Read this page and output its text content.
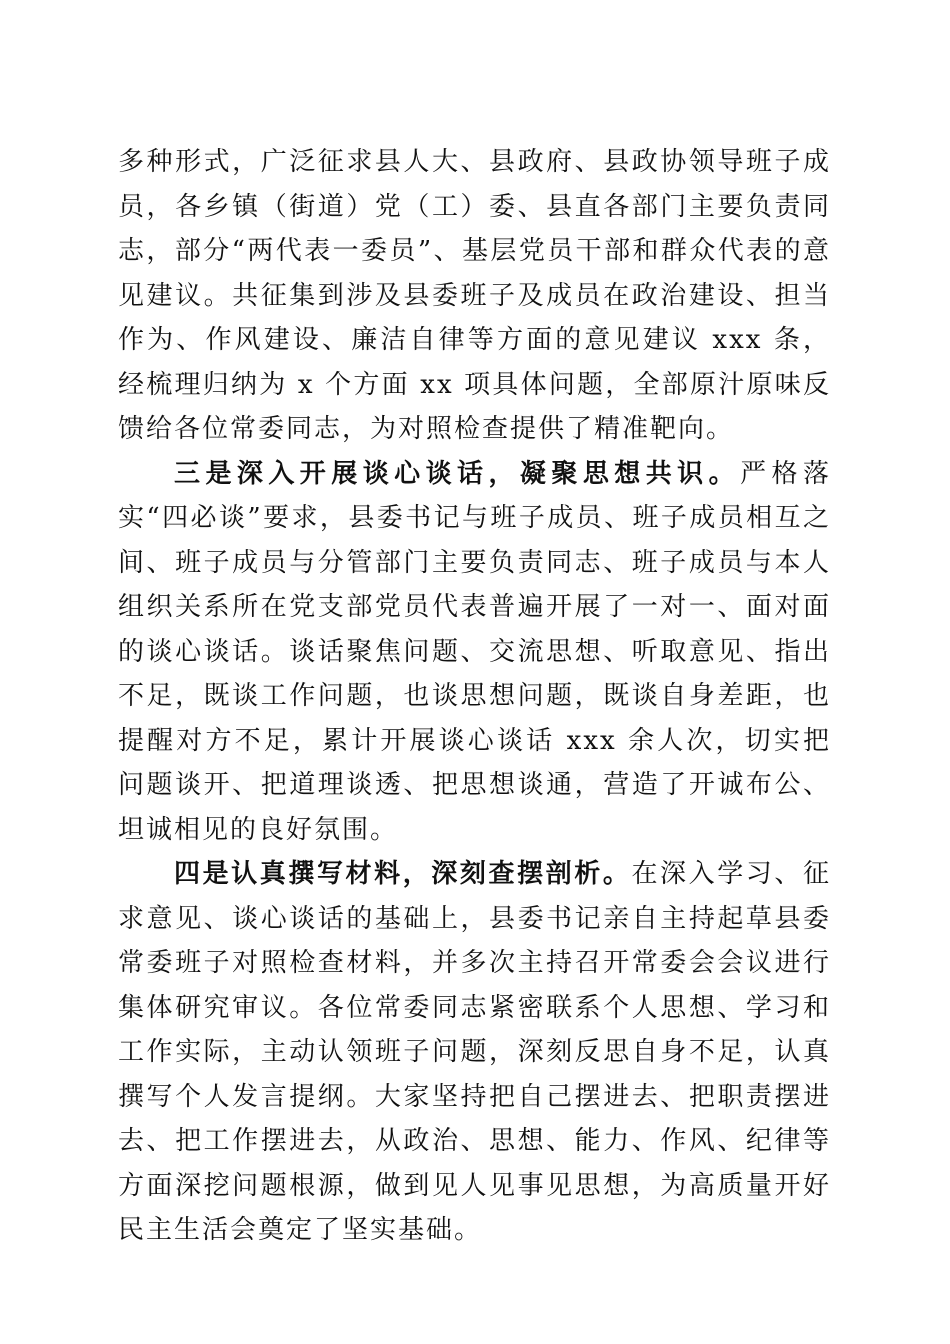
多种形式，广泛征求县人大、县政府、县政协领导班子成员，各乡镇（街道）党（工）委、县直各部门主要负责同志，部分“两代表一委员”、基层党员干部和群众代表的意见建议。共征集到涉及县委班子及成员在政治建设、担当作为、作风建设、廉洁自律等方面的意见建议 xxx 条，经梳理归纳为 x 个方面 xx 项具体问题，全部原汁原味反馈给各位常委同志，为对照检查提供了精准靶向。

三是深入开展谈心谈话，凝聚思想共识。严格落实“四必谈”要求，县委书记与班子成员、班子成员相互之间、班子成员与分管部门主要负责同志、班子成员与本人组织关系所在党支部党员代表普遍开展了一对一、面对面的谈心谈话。谈话聚焦问题、交流思想、听取意见、指出不足，既谈工作问题，也谈思想问题，既谈自身差距，也提醒对方不足，累计开展谈心谈话 xxx 余人次，切实把问题谈开、把道理谈透、把思想谈通，营造了开诚布公、坦诚相见的良好氛围。

四是认真撰写材料，深刻查摆剖析。在深入学习、征求意见、谈心谈话的基础上，县委书记亲自主持起草县委常委班子对照检查材料，并多次主持召开常委会会议进行集体研究审议。各位常委同志紧密联系个人思想、学习和工作实际，主动认领班子问题，深刻反思自身不足，认真撰写个人发言提纲。大家坚持把自己摆进去、把职责摆进去、把工作摆进去，从政治、思想、能力、作风、纪律等方面深挖问题根源，做到见人见事见思想，为高质量开好民主生活会奠定了坚实基础。
